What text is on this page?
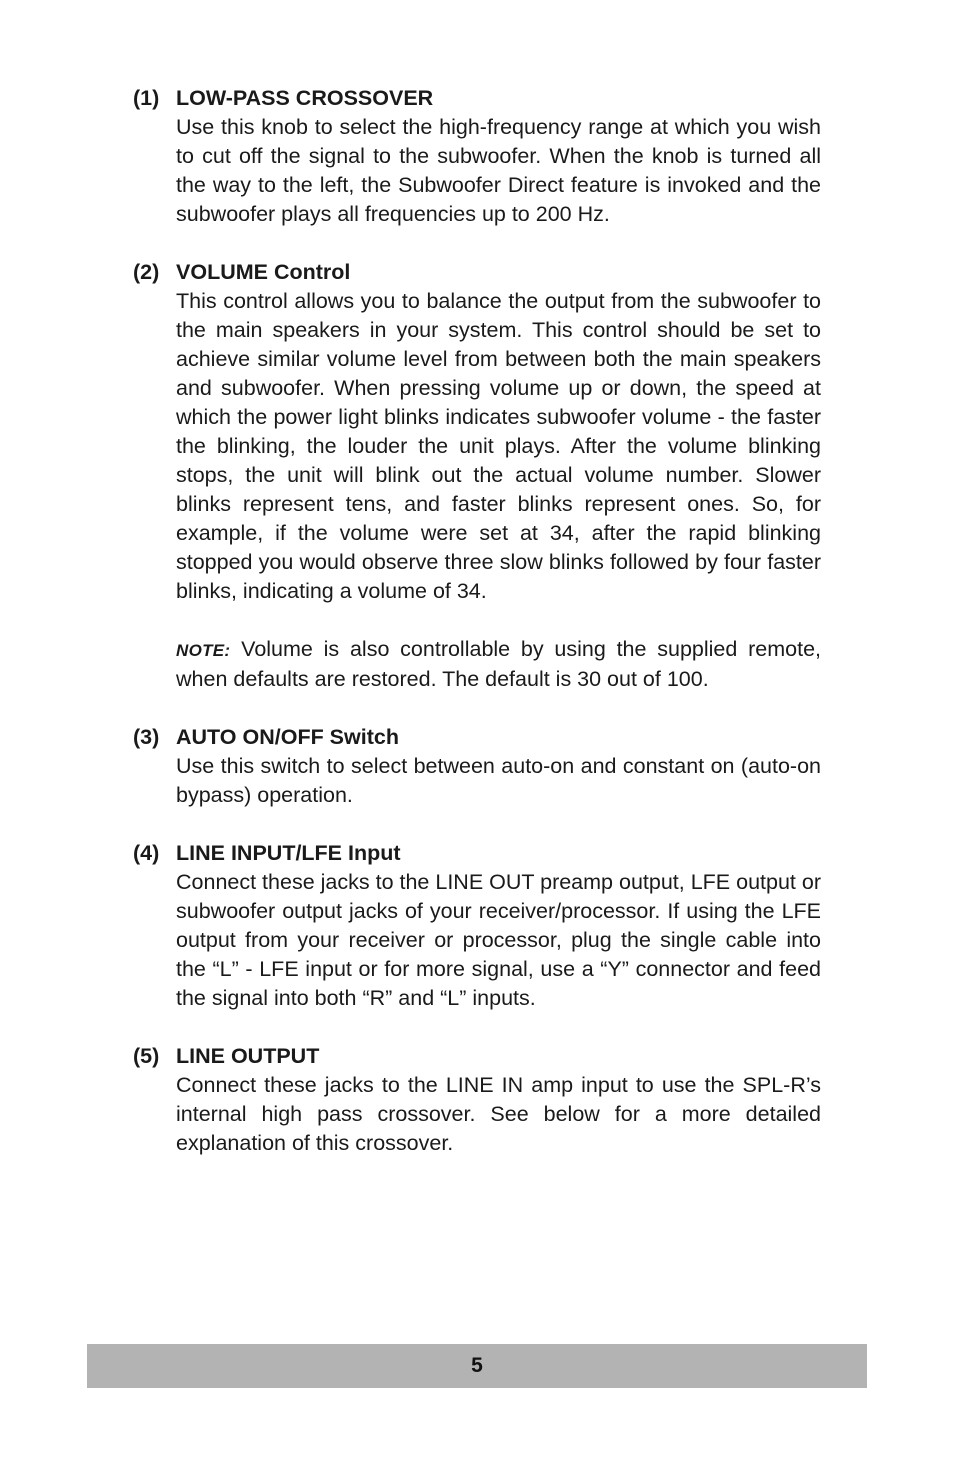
(1) LOW-PASS CROSSOVER

Use this knob to select the high-frequency range at which you wish to cut off the signal to the subwoofer. When the knob is turned all the way to the left, the Subwoofer Direct feature is invoked and the subwoofer plays all frequencies up to 200 Hz.

(2) VOLUME Control

This control allows you to balance the output from the subwoofer to the main speakers in your system. This control should be set to achieve similar volume level from between both the main speakers and subwoofer. When pressing volume up or down, the speed at which the power light blinks indicates subwoofer volume - the faster the blinking, the louder the unit plays. After the volume blinking stops, the unit will blink out the actual volume number. Slower blinks represent tens, and faster blinks represent ones. So, for example, if the volume were set at 34, after the rapid blinking stopped you would observe three slow blinks followed by four faster blinks, indicating a volume of 34.

NOTE: Volume is also controllable by using the supplied remote, when defaults are restored. The default is 30 out of 100.

(3) AUTO ON/OFF Switch

Use this switch to select between auto-on and constant on (auto-on bypass) operation.

(4) LINE INPUT/LFE Input

Connect these jacks to the LINE OUT preamp output, LFE output or subwoofer output jacks of your receiver/processor. If using the LFE output from your receiver or processor, plug the single cable into the “L” - LFE input or for more signal, use a “Y” connector and feed the signal into both “R” and “L” inputs.

(5) LINE OUTPUT

Connect these jacks to the LINE IN amp input to use the SPL-R’s internal high pass crossover. See below for a more detailed explanation of this crossover.

5
